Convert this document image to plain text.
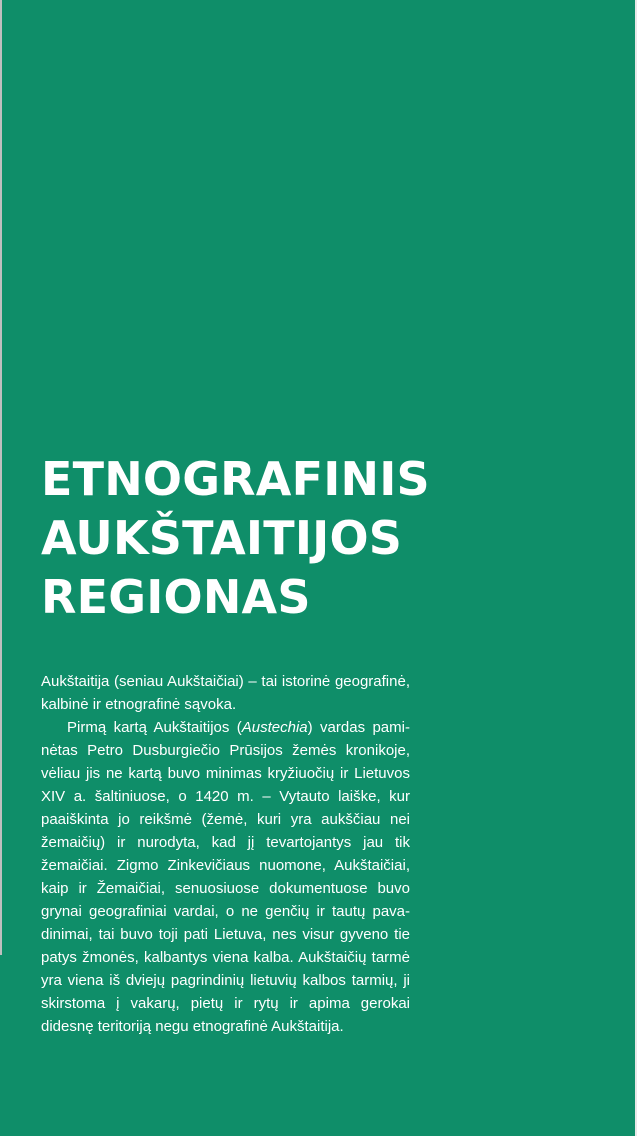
ETNOGRAFINIS
AUKŠTAITIJOS
REGIONAS

Aukštaitija (seniau Aukštaičiai) – tai istorinė geografinė, kalbinė ir etnografinė sąvoka.

Pirmą kartą Aukštaitijos (Austechia) vardas paminėtas Petro Dusburgiečio Prūsijos žemės kronikoje, vėliau jis ne kartą buvo minimas kryžiuočių ir Lietuvos XIV a. šaltiniuose, o 1420 m. – Vytauto laiške, kur paaiškinta jo reikšmė (žemė, kuri yra aukščiau nei žemaičių) ir nurodyta, kad jį tevartojantys jau tik žemaičiai. Zigmo Zinkevičiaus nuomone, Aukštaičiai, kaip ir Žemaičiai, senuosiuose dokumentuose buvo grynai geografiniai vardai, o ne genčių ir tautų pavadinimai, tai buvo toji pati Lietuva, nes visur gyveno tie patys žmonės, kalbantys viena kalba. Aukštaičių tarmė yra viena iš dviejų pagrindinių lietuvių kalbos tarmių, ji skirstoma į vakarų, pietų ir rytų ir apima gerokai didesnę teritoriją negu etnografinė Aukštaitija.
